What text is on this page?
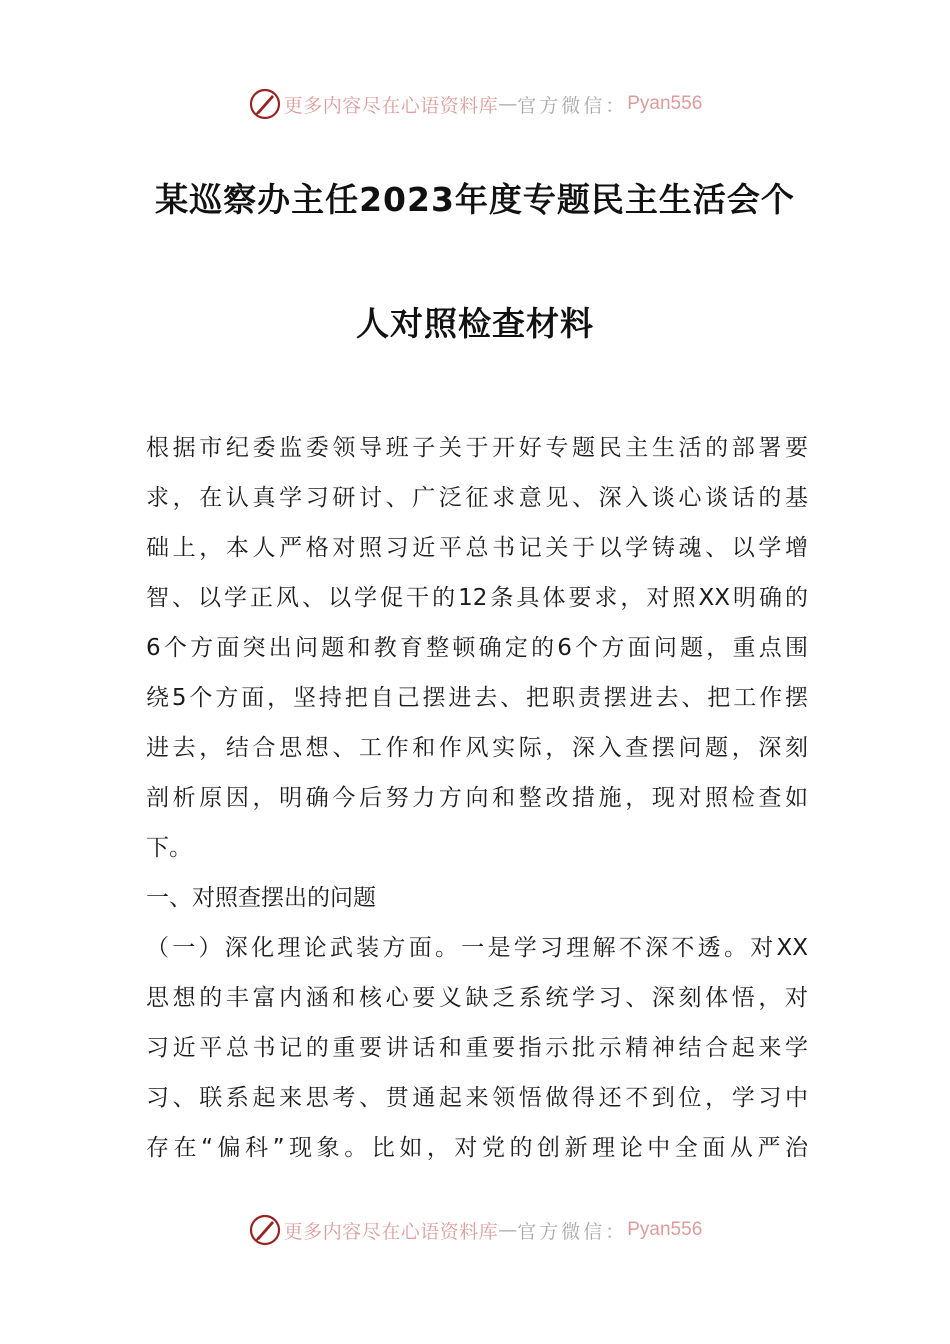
更多内容尽在心语资料库 — 官方微信： Pyan556
某巡察办主任2023年度专题民主生活会个
人对照检查材料
根据市纪委监委领导班子关于开好专题民主生活的部署要
求，在认真学习研讨、广泛征求意见、深入谈心谈话的基
础上，本人严格对照习近平总书记关于以学铸魂、以学增
智、以学正风、以学促干的12条具体要求，对照XX明确的
6个方面突出问题和教育整顿确定的6个方面问题，重点围
绕5个方面，坚持把自己摆进去、把职责摆进去、把工作摆
进去，结合思想、工作和作风实际，深入查摆问题，深刻
剖析原因，明确今后努力方向和整改措施，现对照检查如
下。
一、对照查摆出的问题
（一）深化理论武装方面。一是学习理解不深不透。对XX
思想的丰富内涵和核心要义缺乏系统学习、深刻体悟，对
习近平总书记的重要讲话和重要指示批示精神结合起来学
习、联系起来思考、贯通起来领悟做得还不到位，学习中
存在“偏科”现象。比如，对党的创新理论中全面从严治
更多内容尽在心语资料库 — 官方微信： Pyan556
